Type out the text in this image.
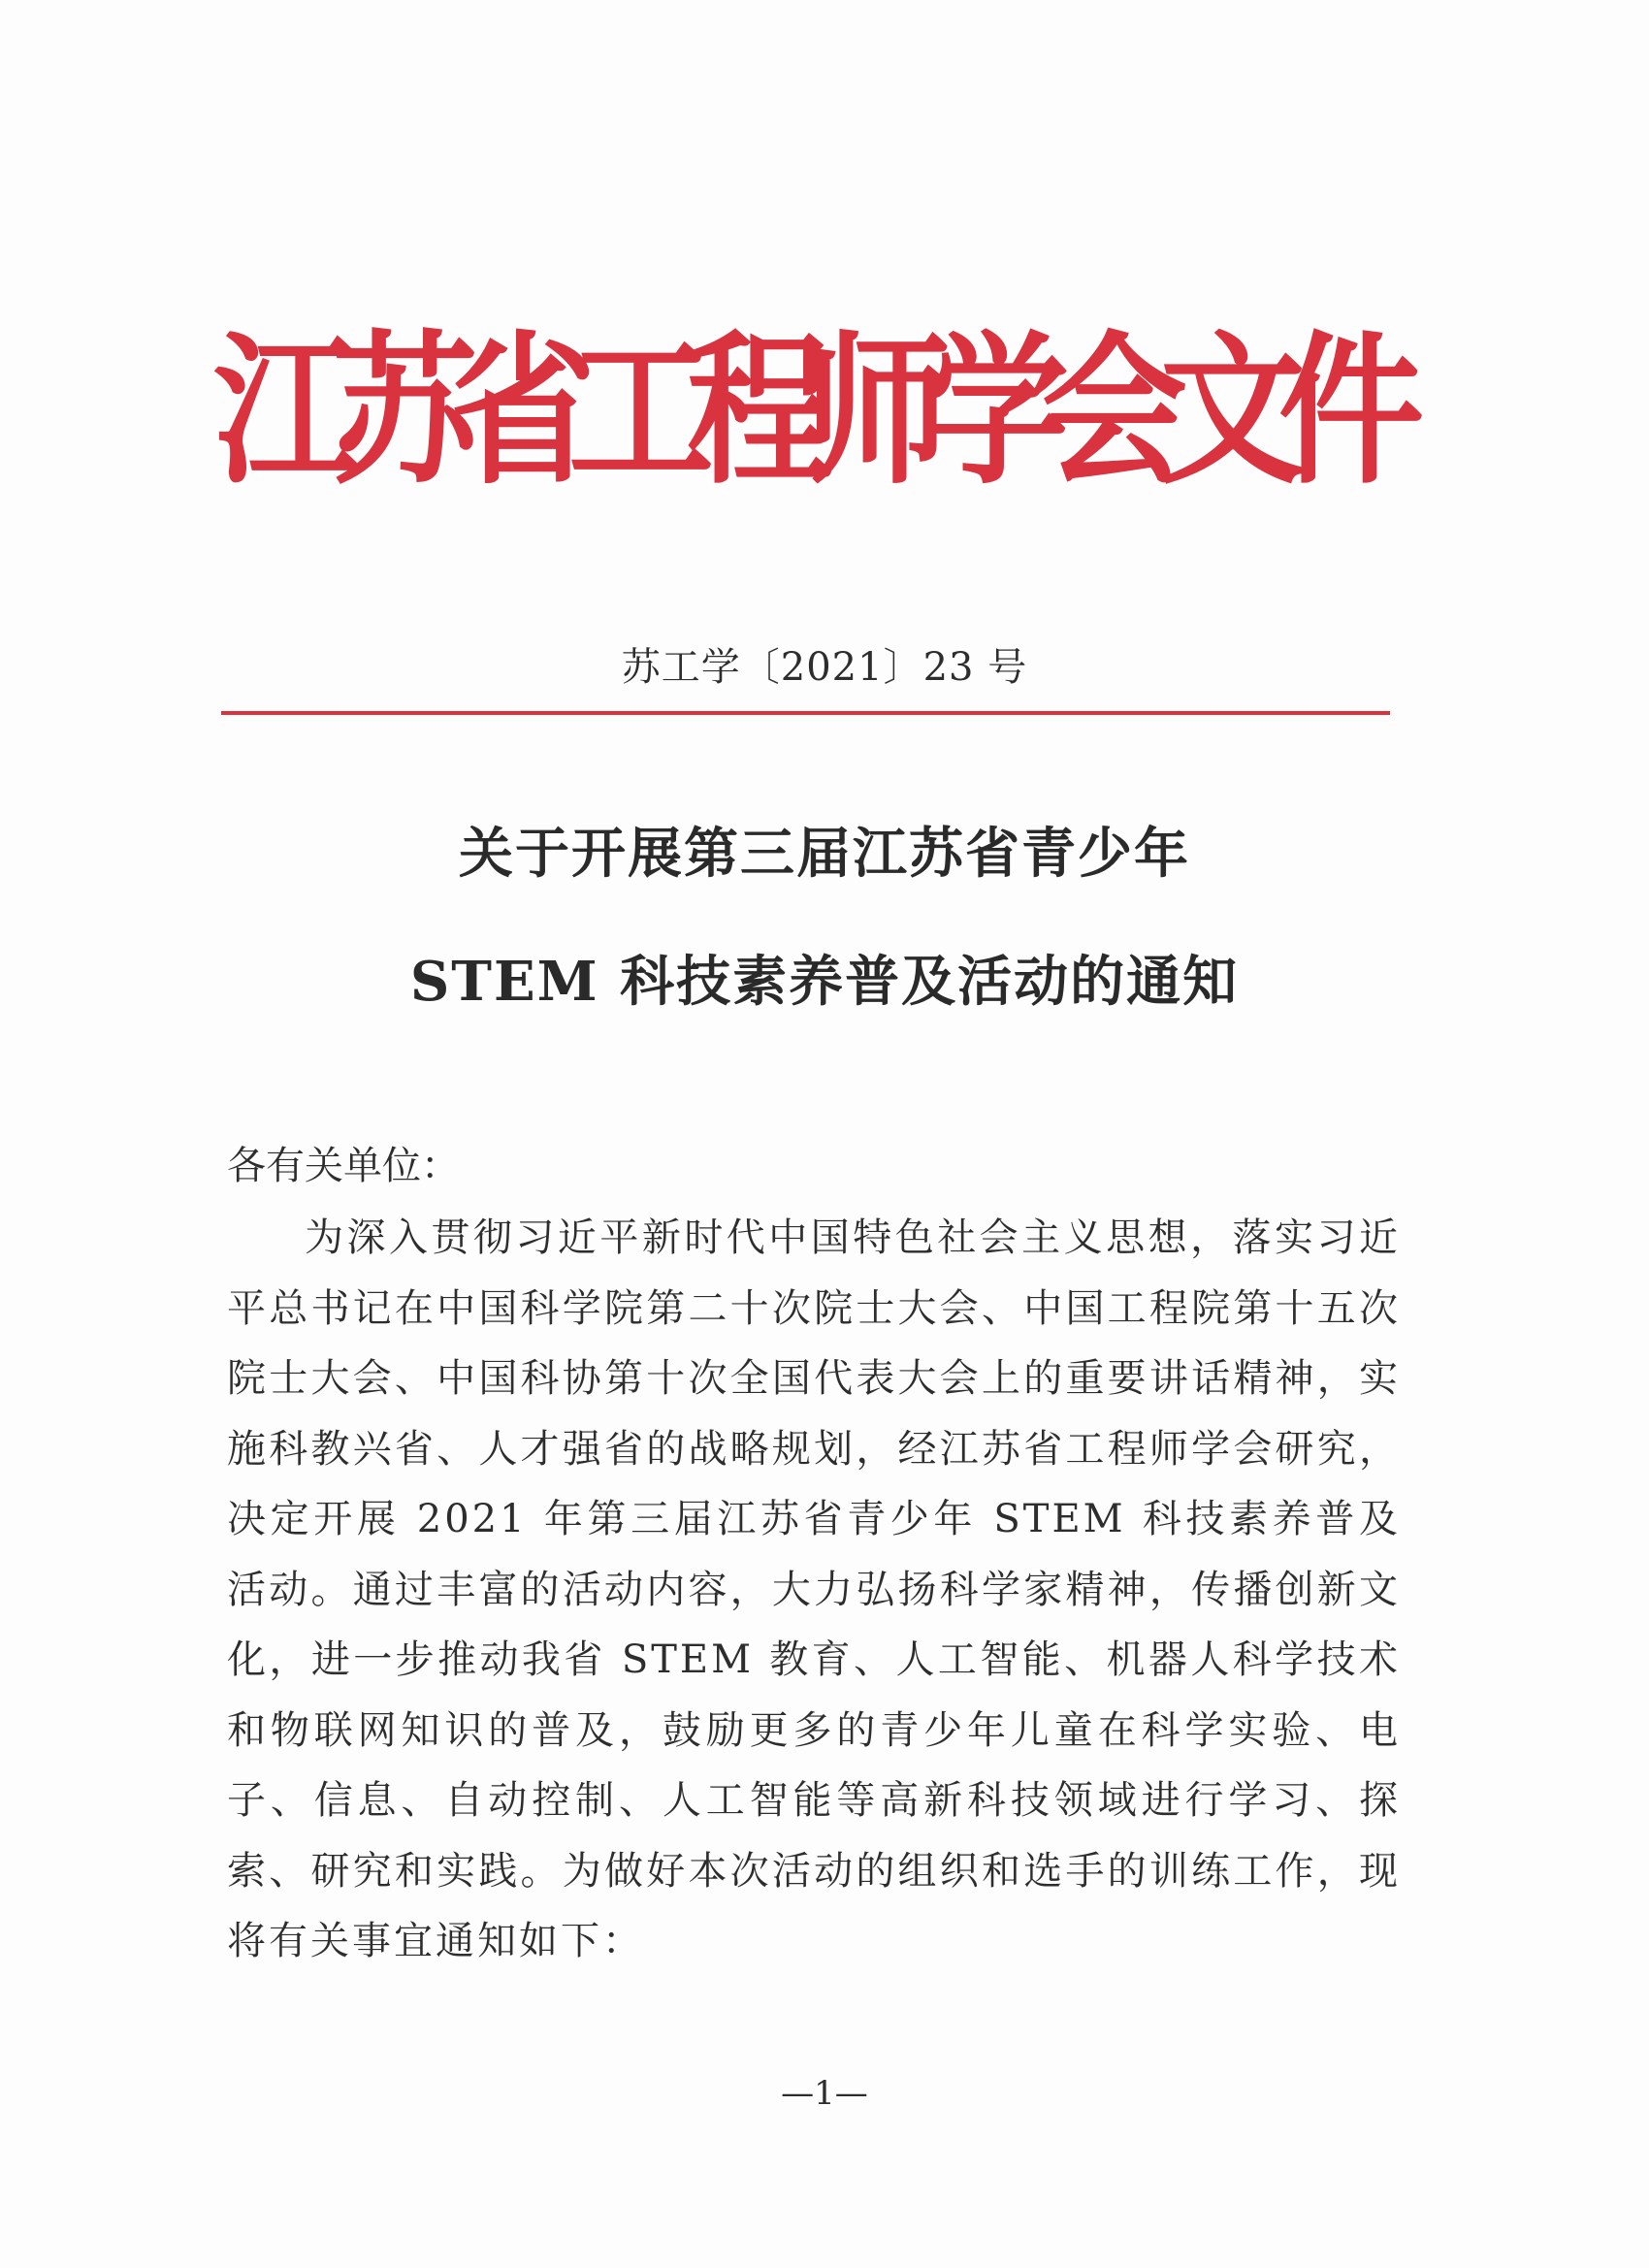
江
苏
省
工
程
师
学
会
文
件
苏工学〔2021〕23 号
关于开展第三届江苏省青少年
STEM 科技素养普及活动的通知
各有关单位：
为深入贯彻习近平新时代中国特色社会主义思想，落实习近平总书记在中国科学院第二十次院士大会、中国工程院第十五次院士大会、中国科协第十次全国代表大会上的重要讲话精神，实施科教兴省、人才强省的战略规划，经江苏省工程师学会研究，决定开展 2021 年第三届江苏省青少年 STEM 科技素养普及活动。通过丰富的活动内容，大力弘扬科学家精神，传播创新文化，进一步推动我省 STEM 教育、人工智能、机器人科学技术和物联网知识的普及，鼓励更多的青少年儿童在科学实验、电子、信息、自动控制、人工智能等高新科技领域进行学习、探索、研究和实践。为做好本次活动的组织和选手的训练工作，现将有关事宜通知如下：
—1—
